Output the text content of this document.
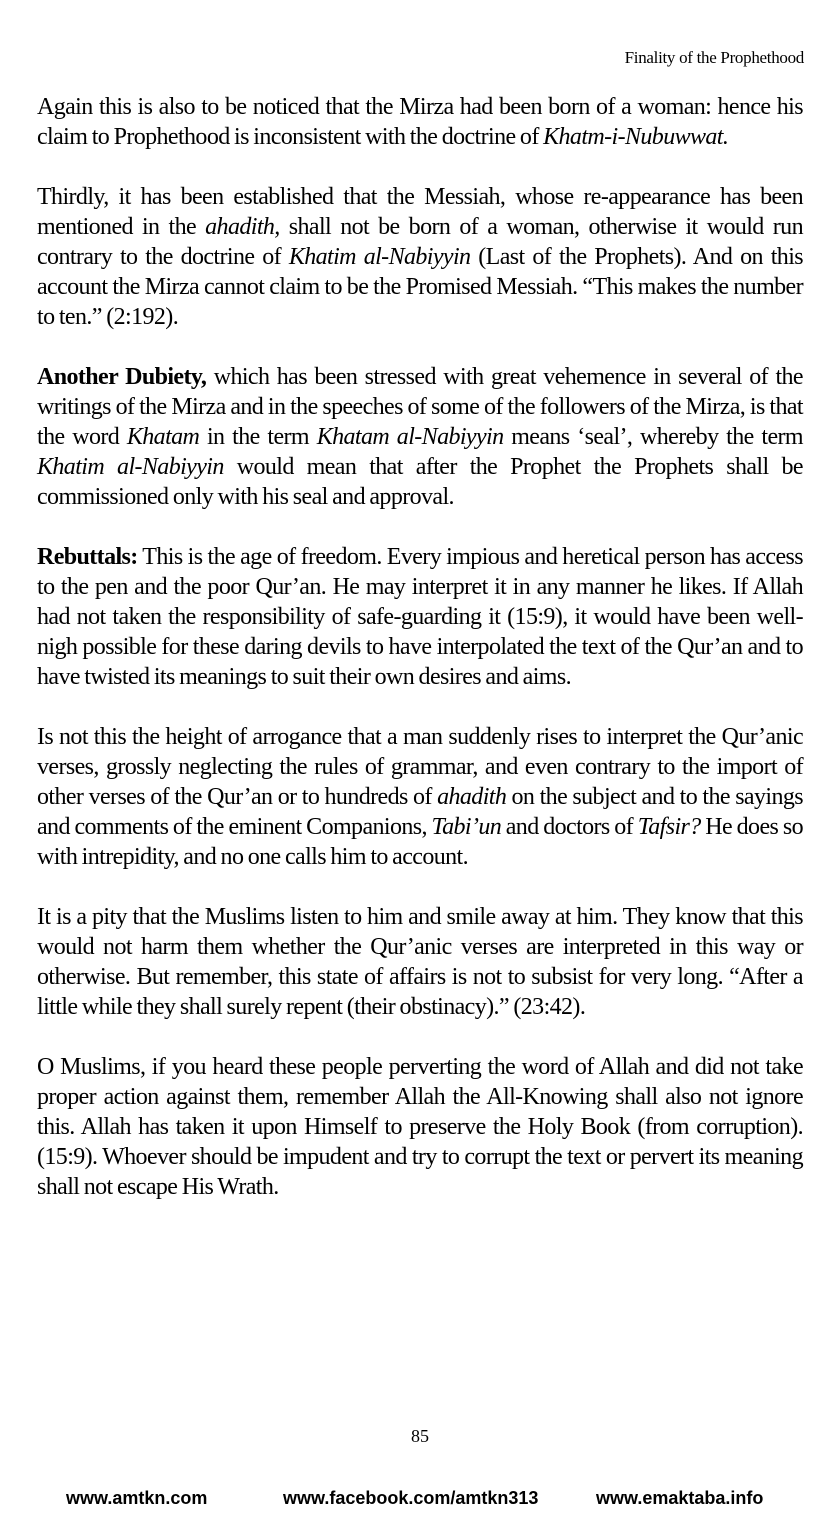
Finality of the Prophethood

Again this is also to be noticed that the Mirza had been born of a woman: hence his claim to Prophethood is inconsistent with the doctrine of Khatm-i-Nubuwwat.

Thirdly, it has been established that the Messiah, whose re-appearance has been mentioned in the ahadith, shall not be born of a woman, otherwise it would run contrary to the doctrine of Khatim al-Nabiyyin (Last of the Prophets). And on this account the Mirza cannot claim to be the Promised Messiah. “This makes the number to ten.” (2:192).

Another Dubiety, which has been stressed with great vehemence in several of the writings of the Mirza and in the speeches of some of the followers of the Mirza, is that the word Khatam in the term Khatam al-Nabiyyin means ‘seal’, whereby the term Khatim al-Nabiyyin would mean that after the Prophet the Prophets shall be commissioned only with his seal and approval.

Rebuttals: This is the age of freedom. Every impious and heretical person has access to the pen and the poor Qur’an. He may interpret it in any manner he likes. If Allah had not taken the responsibility of safe-guarding it (15:9), it would have been well-nigh possible for these daring devils to have interpolated the text of the Qur’an and to have twisted its meanings to suit their own desires and aims.

Is not this the height of arrogance that a man suddenly rises to interpret the Qur’anic verses, grossly neglecting the rules of grammar, and even contrary to the import of other verses of the Qur’an or to hundreds of ahadith on the subject and to the sayings and comments of the eminent Companions, Tabi’un and doctors of Tafsir? He does so with intrepidity, and no one calls him to account.

It is a pity that the Muslims listen to him and smile away at him. They know that this would not harm them whether the Qur’anic verses are interpreted in this way or otherwise. But remember, this state of affairs is not to subsist for very long. “After a little while they shall surely repent (their obstinacy).” (23:42).

O Muslims, if you heard these people perverting the word of Allah and did not take proper action against them, remember Allah the All-Knowing shall also not ignore this. Allah has taken it upon Himself to preserve the Holy Book (from corruption). (15:9). Whoever should be impudent and try to corrupt the text or pervert its meaning shall not escape His Wrath.

85
www.amtkn.com	www.facebook.com/amtkn313	www.emaktaba.info
